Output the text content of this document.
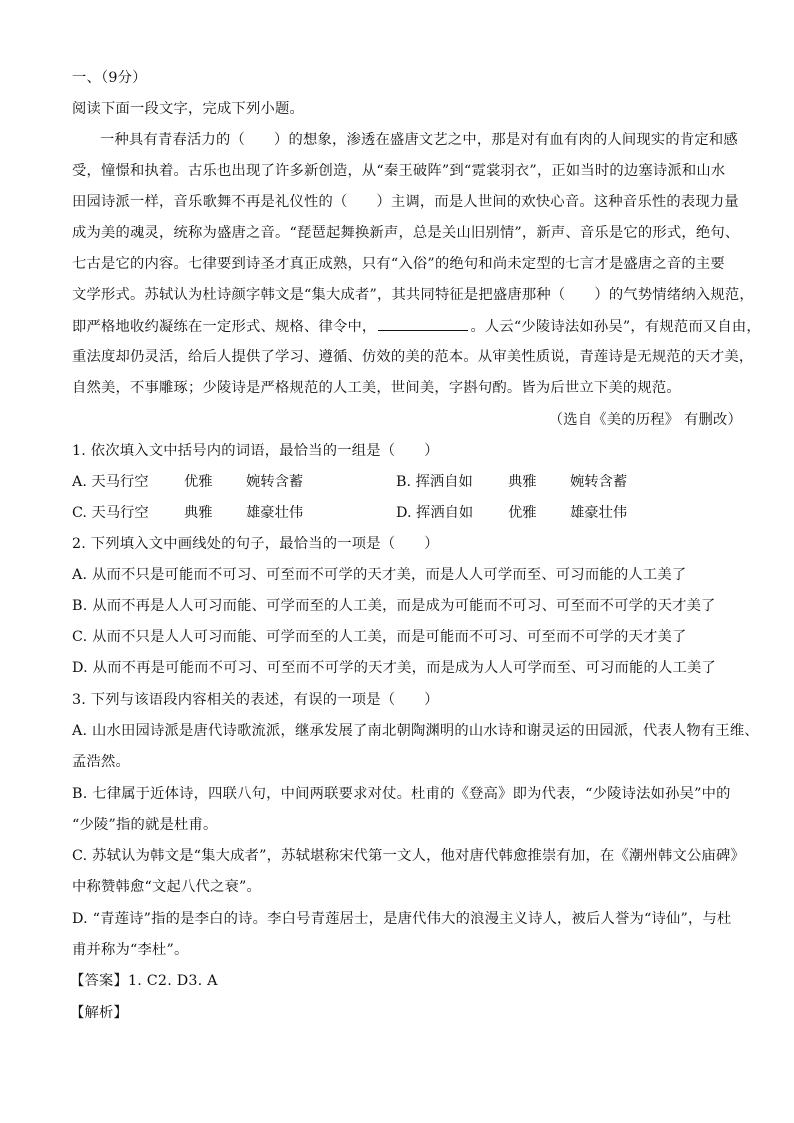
一、（9分）
阅读下面一段文字，完成下列小题。
一种具有青春活力的（　　）的想象，渗透在盛唐文艺之中，那是对有血有肉的人间现实的肯定和感
受，憧憬和执着。古乐也出现了许多新创造，从“秦王破阵”到“霓裳羽衣”，正如当时的边塞诗派和山水
田园诗派一样，音乐歌舞不再是礼仪性的（　　）主调，而是人世间的欢快心音。这种音乐性的表现力量
成为美的魂灵，统称为盛唐之音。“琵琶起舞换新声，总是关山旧别情”，新声、音乐是它的形式，绝句、
七古是它的内容。七律要到诗圣才真正成熟，只有“入俗”的绝句和尚未定型的七言才是盛唐之音的主要
文学形式。苏轼认为杜诗颜字韩文是“集大成者”，其共同特征是把盛唐那种（　　）的气势情绪纳入规范，
即严格地收约凝练在一定形式、规格、律令中，	。人云“少陵诗法如孙吴”，有规范而又自由，
重法度却仍灵活，给后人提供了学习、遵循、仿效的美的范本。从审美性质说，青莲诗是无规范的天才美，
自然美，不事雕琢；少陵诗是严格规范的人工美，世间美，字斟句酌。皆为后世立下美的规范。
（选自《美的历程》 有删改）
1. 依次填入文中括号内的词语，最恰当的一组是（　　）
A. 天马行空 优雅 婉转含蓄	B. 挥洒自如 典雅 婉转含蓄
C. 天马行空 典雅 雄豪壮伟	D. 挥洒自如 优雅 雄豪壮伟
2. 下列填入文中画线处的句子，最恰当的一项是（　　）
A. 从而不只是可能而不可习、可至而不可学的天才美，而是人人可学而至、可习而能的人工美了
B. 从而不再是人人可习而能、可学而至的人工美，而是成为可能而不可习、可至而不可学的天才美了
C. 从而不只是人人可习而能、可学而至的人工美，而是可能而不可习、可至而不可学的天才美了
D. 从而不再是可能而不可习、可至而不可学的天才美，而是成为人人可学而至、可习而能的人工美了
3. 下列与该语段内容相关的表述，有误的一项是（　　）
A. 山水田园诗派是唐代诗歌流派，继承发展了南北朝陶渊明的山水诗和谢灵运的田园派，代表人物有王维、
孟浩然。
B. 七律属于近体诗，四联八句，中间两联要求对仗。杜甫的《登高》即为代表，“少陵诗法如孙吴”中的
“少陵”指的就是杜甫。
C. 苏轼认为韩文是“集大成者”，苏轼堪称宋代第一文人，他对唐代韩愈推崇有加，在《潮州韩文公庙碑》
中称赞韩愈“文起八代之衰”。
D. “青莲诗”指的是李白的诗。李白号青莲居士，是唐代伟大的浪漫主义诗人，被后人誉为“诗仙”，与杜
甫并称为“李杜”。
【答案】1. C2. D3. A
【解析】
